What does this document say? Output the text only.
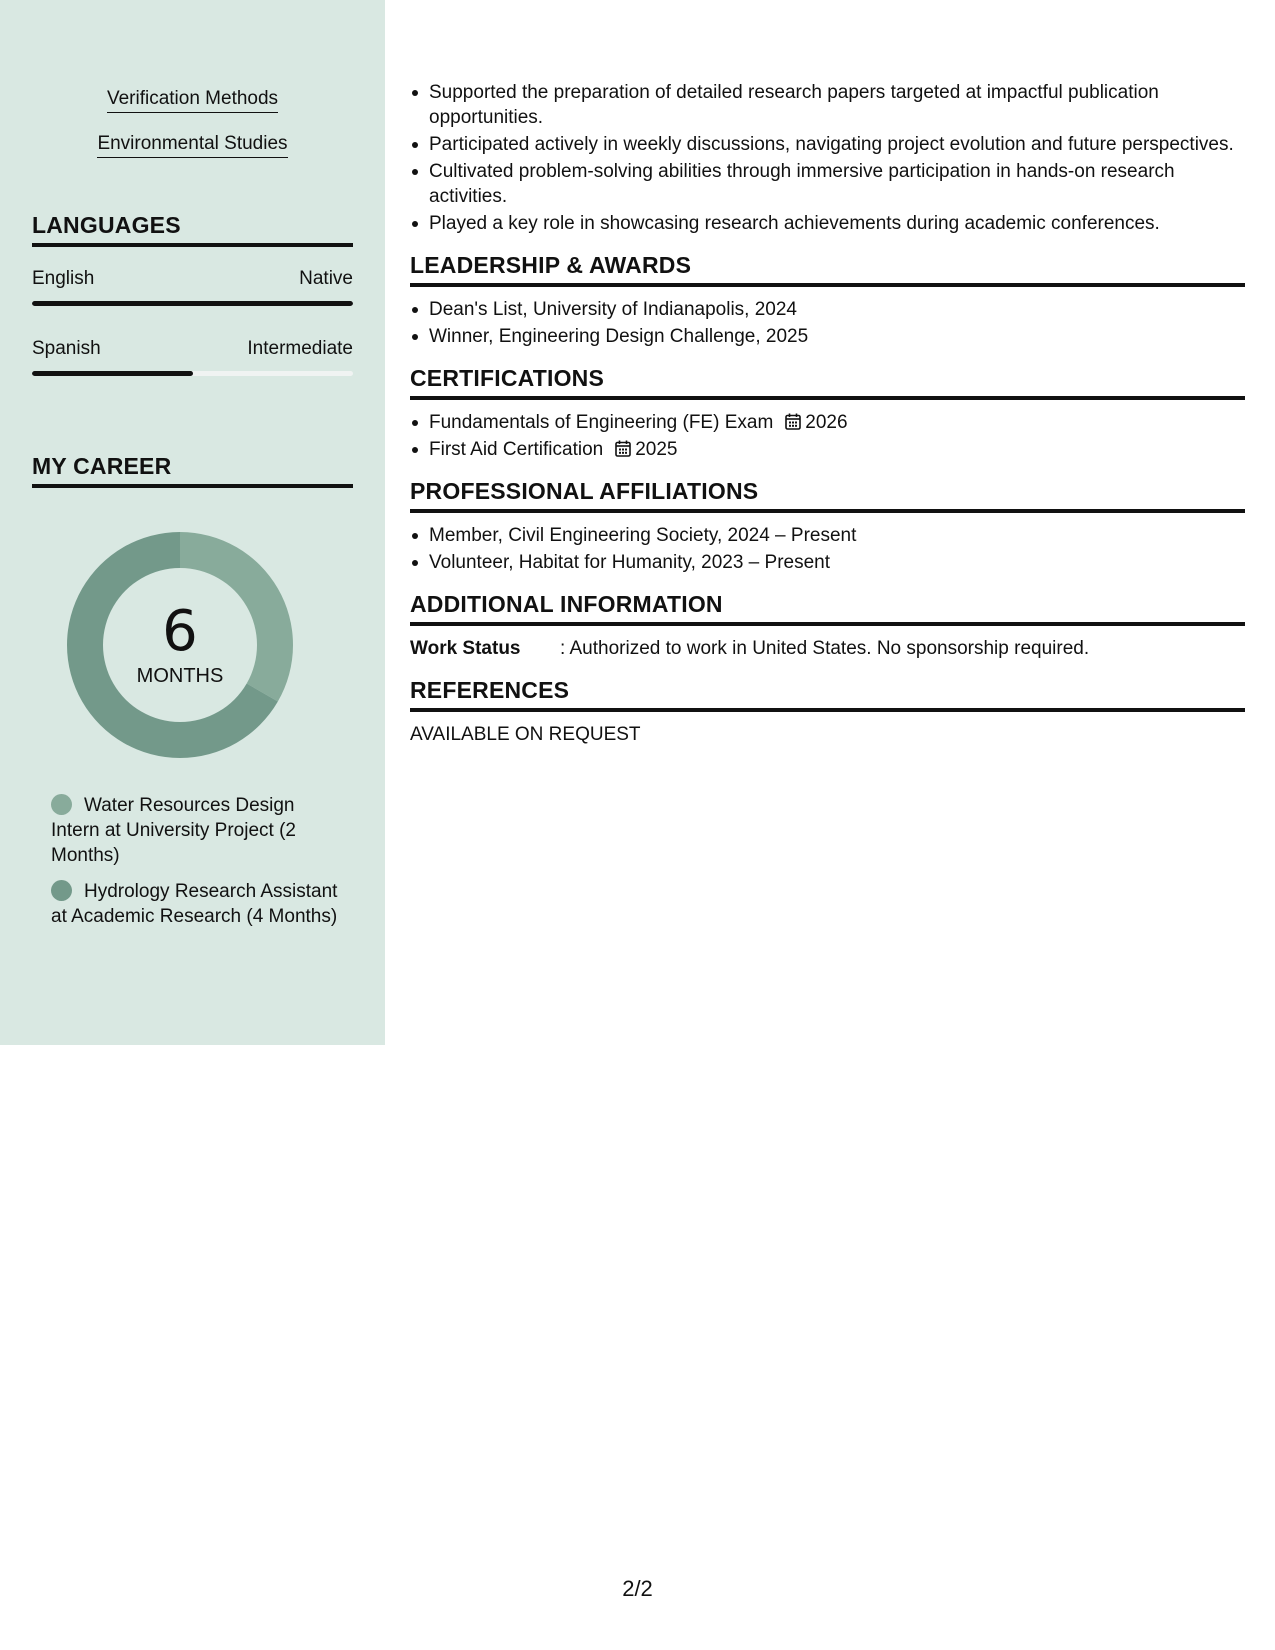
Verification Methods
Environmental Studies
LANGUAGES
English	Native
Spanish	Intermediate
MY CAREER
6
MONTHS
Water Resources Design Intern at University Project (2 Months)
Hydrology Research Assistant at Academic Research (4 Months)
Supported the preparation of detailed research papers targeted at impactful publication opportunities.
Participated actively in weekly discussions, navigating project evolution and future perspectives.
Cultivated problem-solving abilities through immersive participation in hands-on research activities.
Played a key role in showcasing research achievements during academic conferences.
LEADERSHIP & AWARDS
Dean's List, University of Indianapolis, 2024
Winner, Engineering Design Challenge, 2025
CERTIFICATIONS
Fundamentals of Engineering (FE) Exam 2026
First Aid Certification 2025
PROFESSIONAL AFFILIATIONS
Member, Civil Engineering Society, 2024 – Present
Volunteer, Habitat for Humanity, 2023 – Present
ADDITIONAL INFORMATION
Work Status	: Authorized to work in United States. No sponsorship required.
REFERENCES
AVAILABLE ON REQUEST
2/2
